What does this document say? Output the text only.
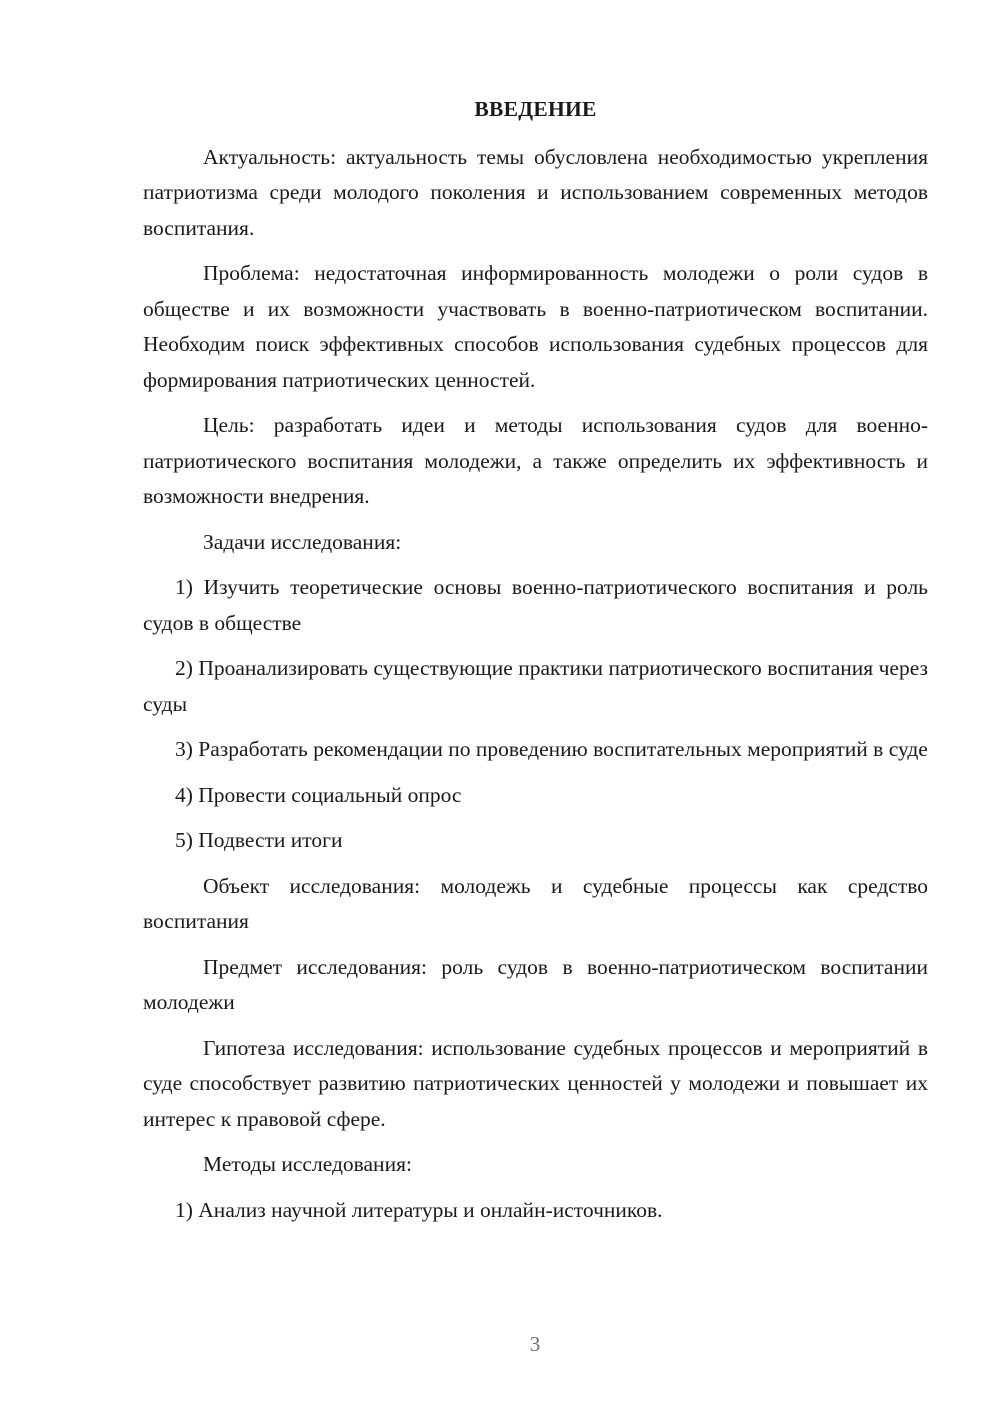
ВВЕДЕНИЕ

Актуальность: актуальность темы обусловлена необходимостью укрепления патриотизма среди молодого поколения и использованием современных методов воспитания.

Проблема: недостаточная информированность молодежи о роли судов в обществе и их возможности участвовать в военно-патриотическом воспитании. Необходим поиск эффективных способов использования судебных процессов для формирования патриотических ценностей.

Цель: разработать идеи и методы использования судов для военно-патриотического воспитания молодежи, а также определить их эффективность и возможности внедрения.

Задачи исследования:

1) Изучить теоретические основы военно-патриотического воспитания и роль судов в обществе

2) Проанализировать существующие практики патриотического воспитания через суды

3) Разработать рекомендации по проведению воспитательных мероприятий в суде

4) Провести социальный опрос

5) Подвести итоги

Объект исследования: молодежь и судебные процессы как средство воспитания

Предмет исследования: роль судов в военно-патриотическом воспитании молодежи

Гипотеза исследования: использование судебных процессов и мероприятий в суде способствует развитию патриотических ценностей у молодежи и повышает их интерес к правовой сфере.

Методы исследования:

1) Анализ научной литературы и онлайн-источников.

3
